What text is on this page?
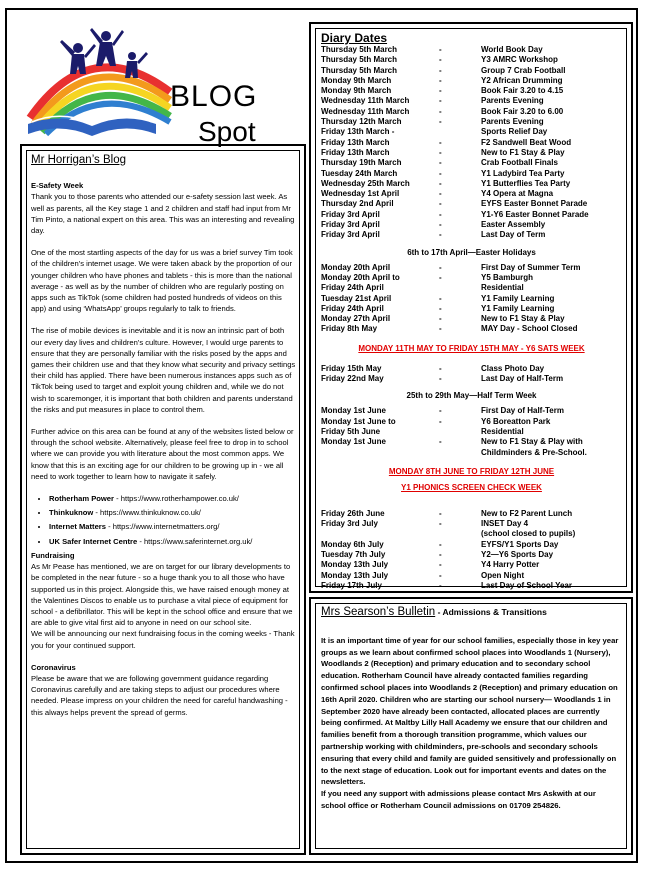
BLOG
Spot
Mr Horrigan’s Blog
E-Safety Week

Thank you to those parents who attended our e-safety session last week. As well as parents, all the Key stage 1 and 2 children and staff had input from Mr Tim Pinto, a national expert on this area. This was an interesting and revealing day.

One of the most startling aspects of the day for us was a brief survey Tim took of the children’s internet usage. We were taken aback by the proportion of our younger children who have phones and tablets - this is more than the national average - as well as by the number of children who are regularly posting on apps such as TikTok (some children had posted hundreds of videos on this app) and using ‘WhatsApp’ groups regularly to talk to friends.

The rise of mobile devices is inevitable and it is now an intrinsic part of both our every day lives and children’s culture. However, I would urge parents to ensure that they are personally familiar with the risks posed by the apps and games their children use and that they know what security and privacy settings their child has applied. There have been numerous instances apps such as of TikTok being used to target and exploit young children and, while we do not wish to scaremonger, it is important that both children and parents understand the risks and put measures in place to control them.

Further advice on this area can be found at any of the websites listed below or through the school website. Alternatively, please feel free to drop in to school where we can provide you with literature about the most common apps. We know that this is an exciting age for our children to be growing up in - we all need to work together to learn how to navigate it safely.

• Rotherham Power - https://www.rotherhampower.co.uk/
• Thinkuknow - https://www.thinkuknow.co.uk/
• Internet Matters - https://www.internetmatters.org/
• UK Safer Internet Centre - https://www.saferinternet.org.uk/
Fundraising

As Mr Pease has mentioned, we are on target for our library developments to be completed in the near future - so a huge thank you to all those who have supported us in this project. Alongside this, we have raised enough money at the Valentines Discos to enable us to purchase a vital piece of equipment for school - a defibrillator. This will be kept in the school office and ensure that we are able to give vital first aid to anyone in need on our school site.

We will be announcing our next fundraising focus in the coming weeks - Thank you for your continued support.

Coronavirus

Please be aware that we are following government guidance regarding Coronavirus carefully and are taking steps to adjust our procedures where needed. Please impress on your children the need for careful handwashing - this always helps prevent the spread of germs.

Diary Dates
Thursday 5th March	-	World Book Day
Thursday 5th March	-	Y3 AMRC Workshop
Thursday 5th March	-	Group 7 Crab Football
Monday 9th March	-	Y2 African Drumming
Monday 9th March	-	Book Fair 3.20 to 4.15
Wednesday 11th March	-	Parents Evening
Wednesday 11th March	-	Book Fair 3.20 to 6.00
Thursday 12th March	-	Parents Evening
Friday 13th March -	Sports Relief Day
Friday 13th March	-	F2 Sandwell Beat Wood
Friday 13th March	-	New to F1 Stay & Play
Thursday 19th March	-	Crab Football Finals
Tuesday 24th March	-	Y1 Ladybird Tea Party
Wednesday 25th March	-	Y1 Butterflies Tea Party
Wednesday 1st April	-	Y4 Opera at Magna
Thursday 2nd April	-	EYFS Easter Bonnet Parade
Friday 3rd April	-	Y1-Y6 Easter Bonnet Parade
Friday 3rd April	-	Easter Assembly
Friday 3rd April	-	Last Day of Term
6th to 17th April—Easter Holidays
Monday 20th April	-	First Day of Summer Term
Monday 20th April to	-	Y5 Bamburgh
Friday 24th April	Residential
Tuesday 21st April	-	Y1 Family Learning
Friday 24th April	-	Y1 Family Learning
Monday 27th April	-	New to F1 Stay & Play
Friday 8th May	-	MAY Day - School Closed
MONDAY 11TH MAY TO FRIDAY 15TH MAY - Y6 SATS WEEK
Friday 15th May	-	Class Photo Day
Friday 22nd May	-	Last Day of Half-Term
25th to 29th May—Half Term Week
Monday 1st June	-	First Day of Half-Term
Monday 1st June to	-	Y6 Boreatton Park
Friday 5th June	Residential
Monday 1st June	-	New to F1 Stay & Play with
Childminders & Pre-School.
MONDAY 8TH JUNE TO FRIDAY 12TH JUNE
Y1 PHONICS SCREEN CHECK WEEK
Friday 26th June	-	New to F2 Parent Lunch
Friday 3rd July	-	INSET Day 4
(school closed to pupils)
Monday 6th July	-	EYFS/Y1 Sports Day
Tuesday 7th July	-	Y2—Y6 Sports Day
Monday 13th July	-	Y4 Harry Potter
Monday 13th July	-	Open Night
Friday 17th July	-	Last Day of School Year
Mrs Searson’s Bulletin - Admissions & Transitions

It is an important time of year for our school families, especially those in key year groups as we learn about confirmed school places into Woodlands 1 (Nursery), Woodlands 2 (Reception) and primary education and to secondary school education. Rotherham Council have already contacted families regarding confirmed school places into Woodlands 2 (Reception) and primary education on 16th April 2020. Children who are starting our school nursery— Woodlands 1 in September 2020 have already been contacted, allocated places are currently being confirmed. At Maltby Lilly Hall Academy we ensure that our children and families benefit from a thorough transition programme, which values our partnership working with childminders, pre-schools and secondary schools ensuring that every child and family are guided sensitively and professionally on to the next stage of education. Look out for important events and dates on the newsletters.

If you need any support with admissions please contact Mrs Askwith at our school office or Rotherham Council admissions on 01709 254826.
